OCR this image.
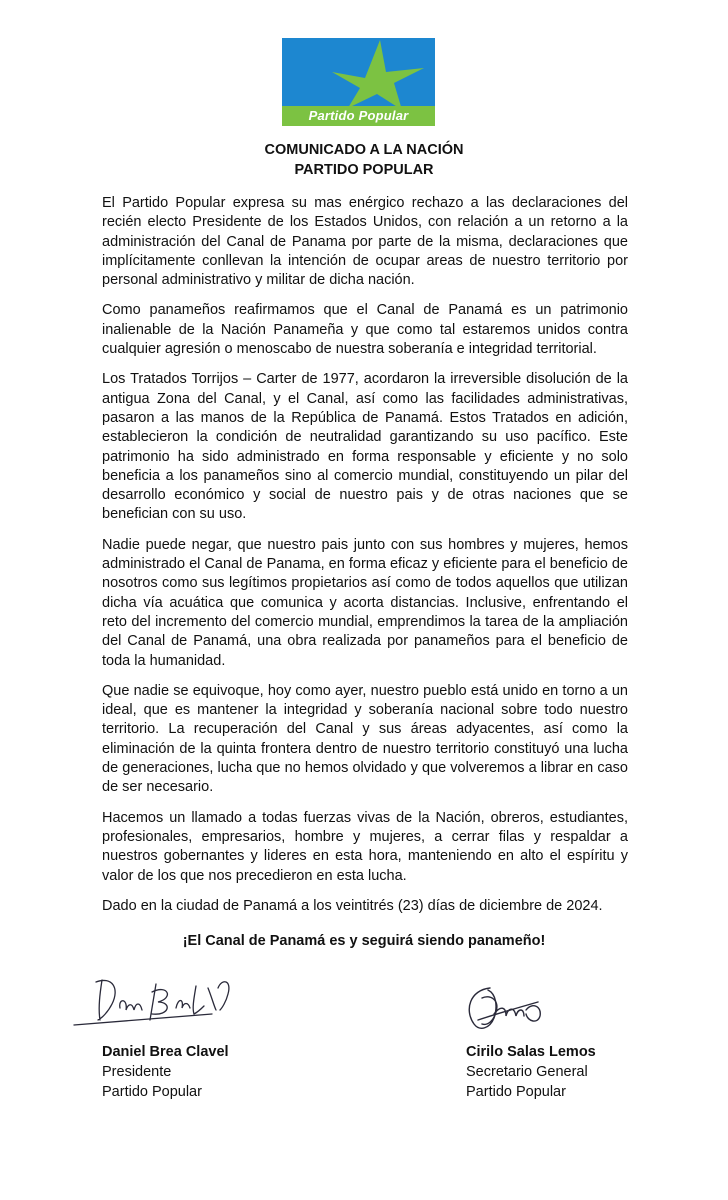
Partido Popular
COMUNICADO A LA NACIÓN
PARTIDO POPULAR

El Partido Popular expresa su mas enérgico rechazo a las declaraciones del recién electo Presidente de los Estados Unidos, con relación a un retorno a la administración del Canal de Panama por parte de la misma, declaraciones que implícitamente conllevan la intención de ocupar areas de nuestro territorio por personal administrativo y militar de dicha nación.

Como panameños reafirmamos que el Canal de Panamá es un patrimonio inalienable de la Nación Panameña y que como tal estaremos unidos contra cualquier agresión o menoscabo de nuestra soberanía e integridad territorial.

Los Tratados Torrijos – Carter de 1977, acordaron la irreversible disolución de la antigua Zona del Canal, y el Canal, así como las facilidades administrativas, pasaron a las manos de la República de Panamá. Estos Tratados en adición, establecieron la condición de neutralidad garantizando su uso pacífico. Este patrimonio ha sido administrado en forma responsable y eficiente y no solo beneficia a los panameños sino al comercio mundial, constituyendo un pilar del desarrollo económico y social de nuestro pais y de otras naciones que se benefician con su uso.

Nadie puede negar, que nuestro pais junto con sus hombres y mujeres, hemos administrado el Canal de Panama, en forma eficaz y eficiente para el beneficio de nosotros como sus legítimos propietarios así como de todos aquellos que utilizan dicha vía acuática que comunica y acorta distancias. Inclusive, enfrentando el reto del incremento del comercio mundial, emprendimos la tarea de la ampliación del Canal de Panamá, una obra realizada por panameños para el beneficio de toda la humanidad.

Que nadie se equivoque, hoy como ayer, nuestro pueblo está unido en torno a un ideal, que es mantener la integridad y soberanía nacional sobre todo nuestro territorio. La recuperación del Canal y sus áreas adyacentes, así como la eliminación de la quinta frontera dentro de nuestro territorio constituyó una lucha de generaciones, lucha que no hemos olvidado y que volveremos a librar en caso de ser necesario.

Hacemos un llamado a todas fuerzas vivas de la Nación, obreros, estudiantes, profesionales, empresarios, hombre y mujeres, a cerrar filas y respaldar a nuestros gobernantes y lideres en esta hora, manteniendo en alto el espíritu y valor de los que nos precedieron en esta lucha.

Dado en la ciudad de Panamá a los veintitrés (23) días de diciembre de 2024.

¡El Canal de Panamá es y seguirá siendo panameño!
Daniel Brea Clavel
Presidente
Partido Popular
Cirilo Salas Lemos
Secretario General
Partido Popular
